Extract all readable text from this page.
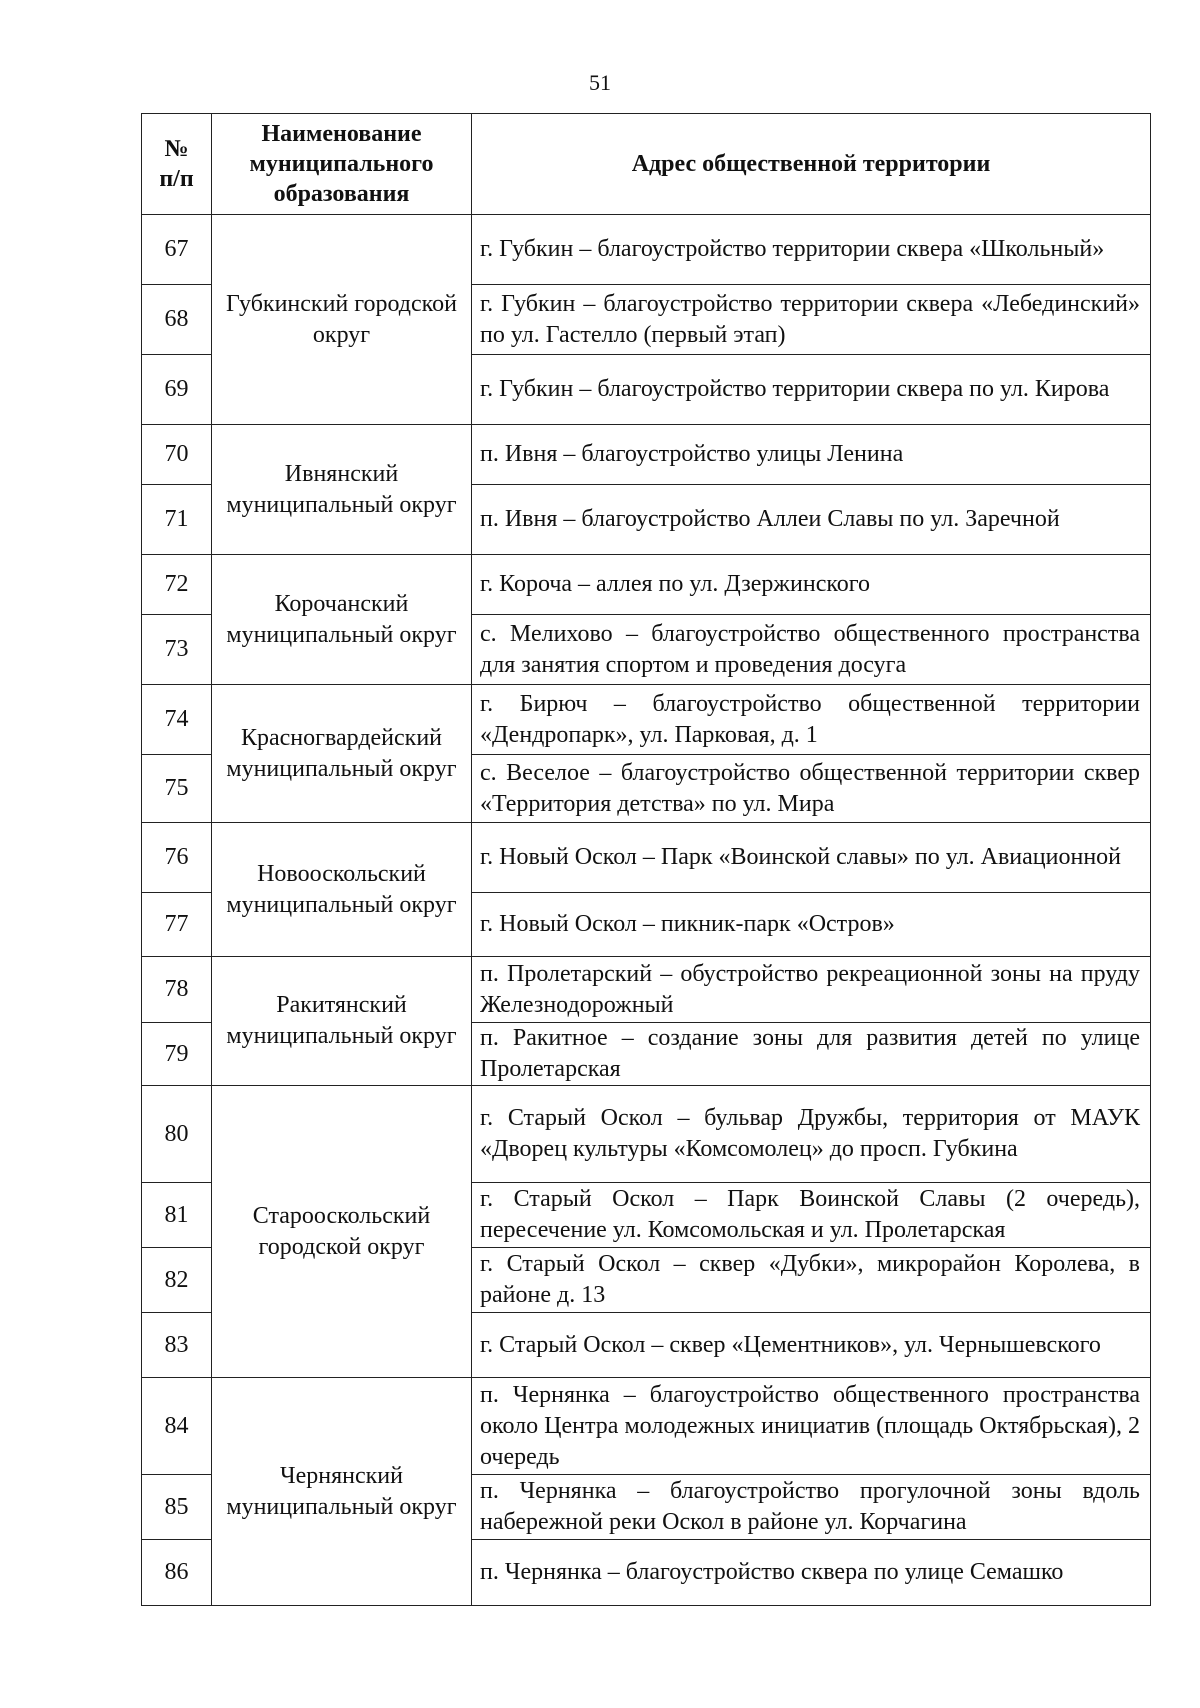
51
№ п/п	Наименование муниципального образования	Адрес общественной территории
67	Губкинский городской округ	г. Губкин – благоустройство территории сквера «Школьный»
68		г. Губкин – благоустройство территории сквера «Лебединский» по ул. Гастелло (первый этап)
69		г. Губкин – благоустройство территории сквера по ул. Кирова
70	Ивнянский муниципальный округ	п. Ивня – благоустройство улицы Ленина
71		п. Ивня – благоустройство Аллеи Славы по ул. Заречной
72	Корочанский муниципальный округ	г. Короча – аллея по ул. Дзержинского
73		с. Мелихово – благоустройство общественного пространства для занятия спортом и проведения досуга
74	Красногвардейский муниципальный округ	г. Бирюч – благоустройство общественной территории «Дендропарк», ул. Парковая, д. 1
75		с. Веселое – благоустройство общественной территории сквер «Территория детства» по ул. Мира
76	Новооскольский муниципальный округ	г. Новый Оскол – Парк «Воинской славы» по ул. Авиационной
77		г. Новый Оскол – пикник-парк «Остров»
78	Ракитянский муниципальный округ	п. Пролетарский – обустройство рекреационной зоны на пруду Железнодорожный
79		п. Ракитное – создание зоны для развития детей по улице Пролетарская
80	Старооскольский городской округ	г. Старый Оскол – бульвар Дружбы, территория от МАУК «Дворец культуры «Комсомолец» до просп. Губкина
81		г. Старый Оскол – Парк Воинской Славы (2 очередь), пересечение ул. Комсомольская и ул. Пролетарская
82		г. Старый Оскол – сквер «Дубки», микрорайон Королева, в районе д. 13
83		г. Старый Оскол – сквер «Цементников», ул. Чернышевского
84	Чернянский муниципальный округ	п. Чернянка – благоустройство общественного пространства около Центра молодежных инициатив (площадь Октябрьская), 2 очередь
85		п. Чернянка – благоустройство прогулочной зоны вдоль набережной реки Оскол в районе ул. Корчагина
86		п. Чернянка – благоустройство сквера по улице Семашко
